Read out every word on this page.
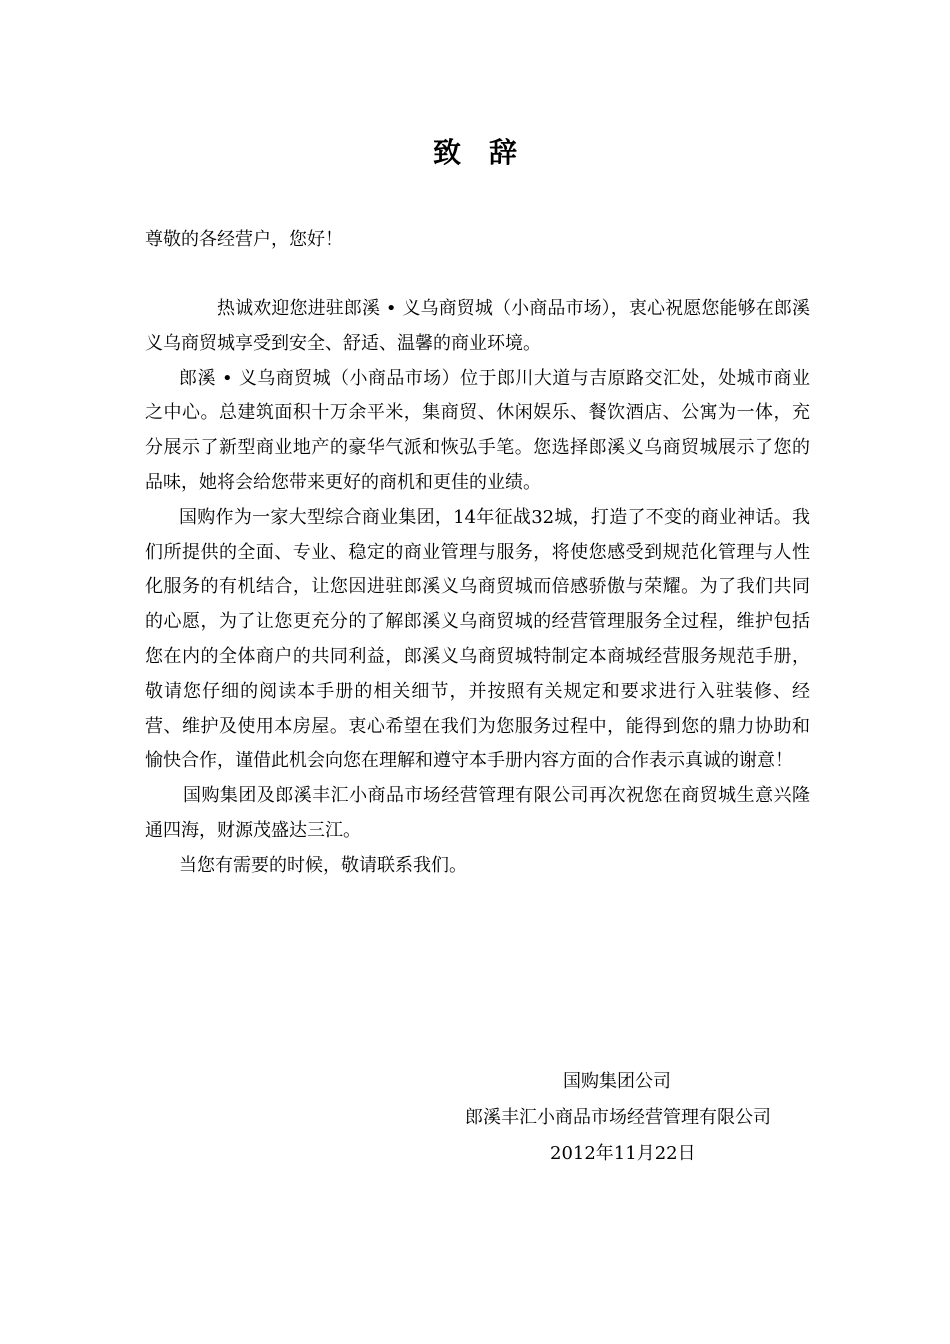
致辞
尊敬的各经营户，您好！

热诚欢迎您进驻郎溪 • 义乌商贸城（小商品市场），衷心祝愿您能够在郎溪义乌商贸城享受到安全、舒适、温馨的商业环境。

郎溪 • 义乌商贸城（小商品市场）位于郎川大道与吉原路交汇处，处城市商业之中心。总建筑面积十万余平米，集商贸、休闲娱乐、餐饮酒店、公寓为一体，充分展示了新型商业地产的豪华气派和恢弘手笔。您选择郎溪义乌商贸城展示了您的品味，她将会给您带来更好的商机和更佳的业绩。

国购作为一家大型综合商业集团，14年征战32城，打造了不变的商业神话。我们所提供的全面、专业、稳定的商业管理与服务，将使您感受到规范化管理与人性化服务的有机结合，让您因进驻郎溪义乌商贸城而倍感骄傲与荣耀。为了我们共同的心愿，为了让您更充分的了解郎溪义乌商贸城的经营管理服务全过程，维护包括您在内的全体商户的共同利益，郎溪义乌商贸城特制定本商城经营服务规范手册，敬请您仔细的阅读本手册的相关细节，并按照有关规定和要求进行入驻装修、经营、维护及使用本房屋。衷心希望在我们为您服务过程中，能得到您的鼎力协助和愉快合作，谨借此机会向您在理解和遵守本手册内容方面的合作表示真诚的谢意！

国购集团及郎溪丰汇小商品市场经营管理有限公司再次祝您在商贸城生意兴隆通四海，财源茂盛达三江。

当您有需要的时候，敬请联系我们。

国购集团公司
郎溪丰汇小商品市场经营管理有限公司
2012年11月22日
